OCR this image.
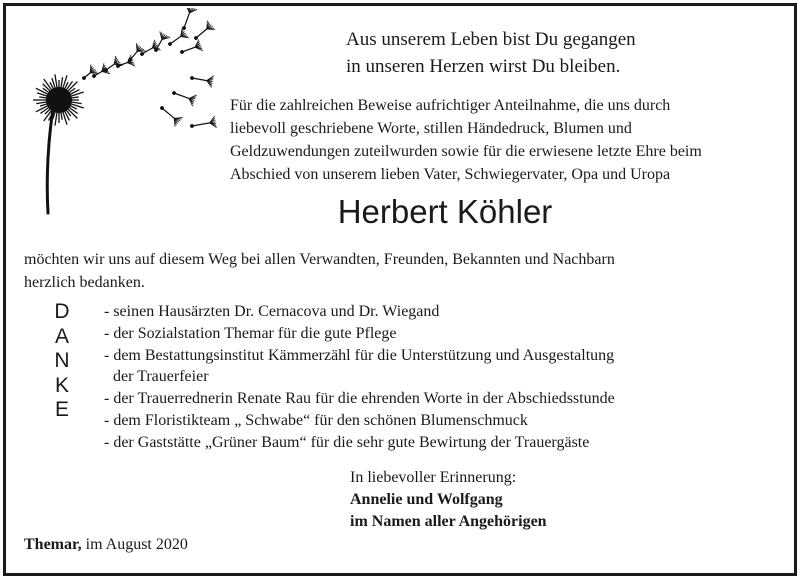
Aus unserem Leben bist Du gegangen
in unseren Herzen wirst Du bleiben.
Für die zahlreichen Beweise aufrichtiger Anteilnahme, die uns durch
liebevoll geschriebene Worte, stillen Händedruck, Blumen und
Geldzuwendungen zuteilwurden sowie für die erwiesene letzte Ehre beim
Abschied von unserem lieben Vater, Schwiegervater, Opa und Uropa
Herbert Köhler
möchten wir uns auf diesem Weg bei allen Verwandten, Freunden, Bekannten und Nachbarn
herzlich bedanken.
D
A
N
K
E
- seinen Hausärzten Dr. Cernacova und Dr. Wiegand
- der Sozialstation Themar für die gute Pflege
- dem Bestattungsinstitut Kämmerzähl für die Unterstützung und Ausgestaltung
der Trauerfeier
- der Trauerrednerin Renate Rau für die ehrenden Worte in der Abschiedsstunde
- dem Floristikteam „ Schwabe“ für den schönen Blumenschmuck
- der Gaststätte „Grüner Baum“ für die sehr gute Bewirtung der Trauergäste
In liebevoller Erinnerung:
Annelie und Wolfgang
im Namen aller Angehörigen
Themar, im August 2020
